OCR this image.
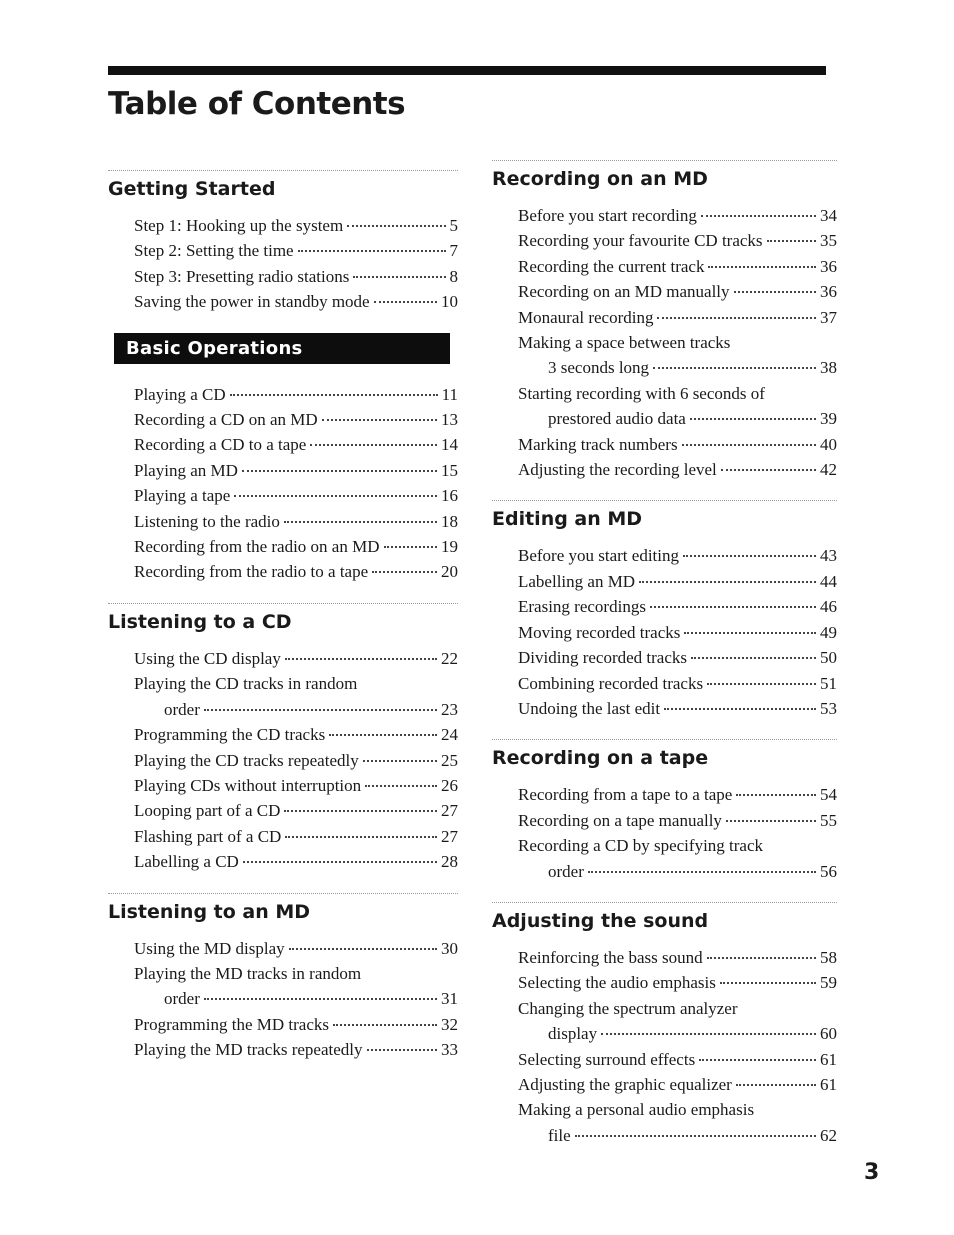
Table of Contents
Getting Started
Step 1: Hooking up the system	5
Step 2: Setting the time	7
Step 3: Presetting radio stations	8
Saving the power in standby mode	10
Basic Operations
Playing a CD	11
Recording a CD on an MD	13
Recording a CD to a tape	14
Playing an MD	15
Playing a tape	16
Listening to the radio	18
Recording from the radio on an MD	19
Recording from the radio to a tape	20
Listening to a CD
Using the CD display	22
Playing the CD tracks in random
order	23
Programming the CD tracks	24
Playing the CD tracks repeatedly	25
Playing CDs without interruption	26
Looping part of a CD	27
Flashing part of a CD	27
Labelling a CD	28
Listening to an MD
Using the MD display	30
Playing the MD tracks in random
order	31
Programming the MD tracks	32
Playing the MD tracks repeatedly	33
Recording on an MD
Before you start recording	34
Recording your favourite CD tracks	35
Recording the current track	36
Recording on an MD manually	36
Monaural recording	37
Making a space between tracks
3 seconds long	38
Starting recording with 6 seconds of
prestored audio data	39
Marking track numbers	40
Adjusting the recording level	42
Editing an MD
Before you start editing	43
Labelling an MD	44
Erasing recordings	46
Moving recorded tracks	49
Dividing recorded tracks	50
Combining recorded tracks	51
Undoing the last edit	53
Recording on a tape
Recording from a tape to a tape	54
Recording on a tape manually	55
Recording a CD by specifying track
order	56
Adjusting the sound
Reinforcing the bass sound	58
Selecting the audio emphasis	59
Changing the spectrum analyzer
display	60
Selecting surround effects	61
Adjusting the graphic equalizer	61
Making a personal audio emphasis
file	62
3
